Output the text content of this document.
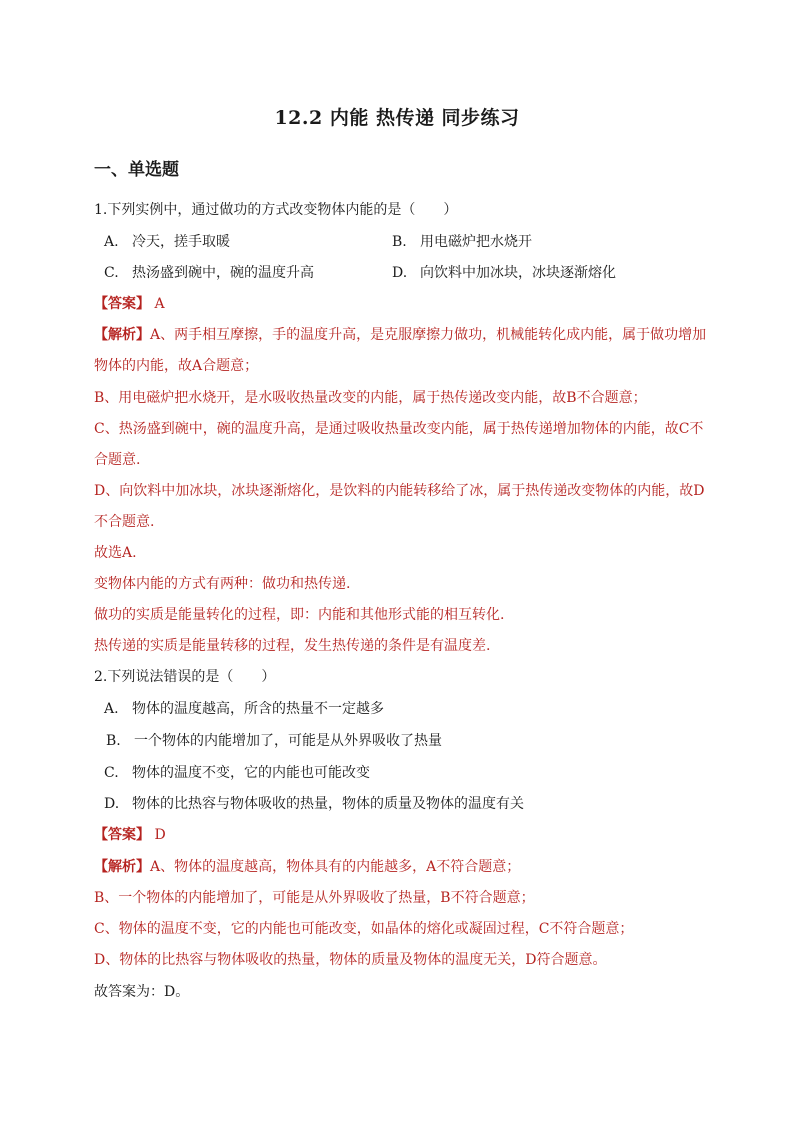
12.2 内能 热传递 同步练习
一、单选题
1.下列实例中，通过做功的方式改变物体内能的是（　　）
A. 冷天，搓手取暖	B. 用电磁炉把水烧开
C. 热汤盛到碗中，碗的温度升高	D. 向饮料中加冰块，冰块逐渐熔化
【答案】 A
【解析】A、两手相互摩擦，手的温度升高，是克服摩擦力做功，机械能转化成内能，属于做功增加
物体的内能，故A合题意；
B、用电磁炉把水烧开，是水吸收热量改变的内能，属于热传递改变内能，故B不合题意；
C、热汤盛到碗中，碗的温度升高，是通过吸收热量改变内能，属于热传递增加物体的内能，故C不
合题意.
D、向饮料中加冰块，冰块逐渐熔化，是饮料的内能转移给了冰，属于热传递改变物体的内能，故D
不合题意.
故选A.
变物体内能的方式有两种：做功和热传递.
做功的实质是能量转化的过程，即：内能和其他形式能的相互转化.
热传递的实质是能量转移的过程，发生热传递的条件是有温度差.
2.下列说法错误的是（　　）
A. 物体的温度越高，所含的热量不一定越多
B. 一个物体的内能增加了，可能是从外界吸收了热量
C. 物体的温度不变，它的内能也可能改变
D. 物体的比热容与物体吸收的热量，物体的质量及物体的温度有关
【答案】 D
【解析】A、物体的温度越高，物体具有的内能越多，A不符合题意；
B、一个物体的内能增加了，可能是从外界吸收了热量，B不符合题意；
C、物体的温度不变，它的内能也可能改变，如晶体的熔化或凝固过程，C不符合题意；
D、物体的比热容与物体吸收的热量，物体的质量及物体的温度无关，D符合题意。
故答案为：D。
